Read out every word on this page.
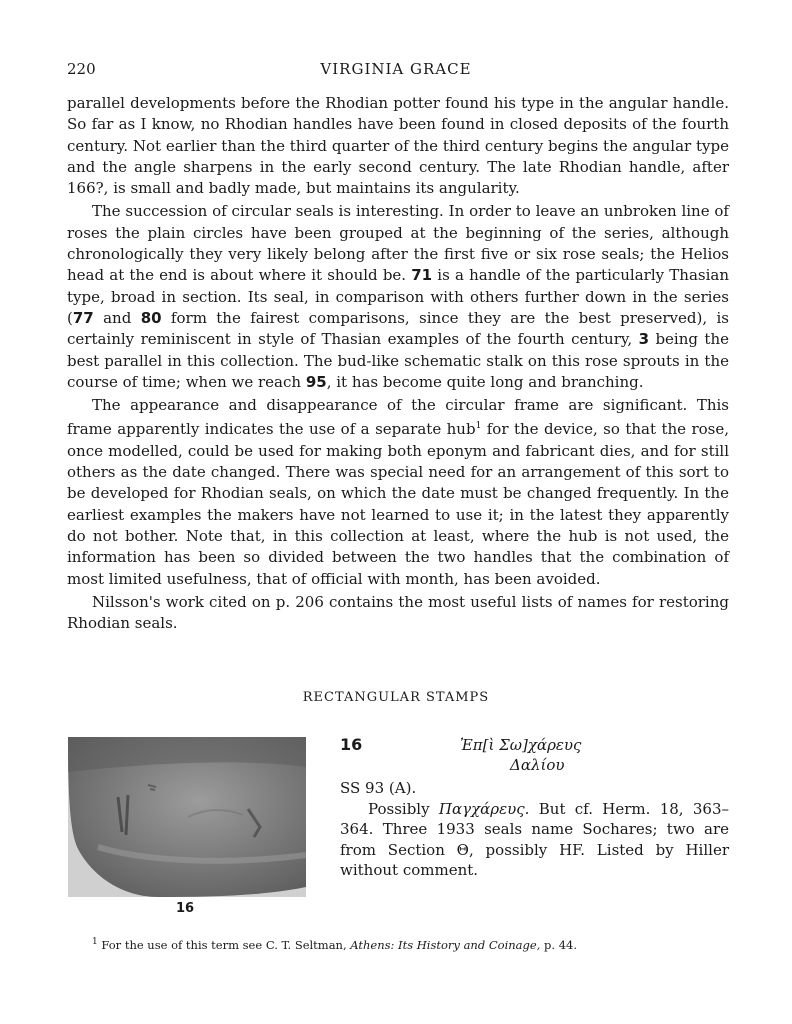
220	VIRGINIA GRACE

parallel developments before the Rhodian potter found his type in the angular handle. So far as I know, no Rhodian handles have been found in closed deposits of the fourth century. Not earlier than the third quarter of the third century begins the angular type and the angle sharpens in the early second century. The late Rhodian handle, after 166?, is small and badly made, but maintains its angularity.

The succession of circular seals is interesting. In order to leave an unbroken line of roses the plain circles have been grouped at the beginning of the series, although chronologically they very likely belong after the first five or six rose seals; the Helios head at the end is about where it should be. 71 is a handle of the particularly Thasian type, broad in section. Its seal, in comparison with others further down in the series (77 and 80 form the fairest comparisons, since they are the best preserved), is certainly reminiscent in style of Thasian examples of the fourth century, 3 being the best parallel in this collection. The bud-like schematic stalk on this rose sprouts in the course of time; when we reach 95, it has become quite long and branching.

The appearance and disappearance of the circular frame are significant. This frame apparently indicates the use of a separate hub$^1$ for the device, so that the rose, once modelled, could be used for making both eponym and fabricant dies, and for still others as the date changed. There was special need for an arrangement of this sort to be developed for Rhodian seals, on which the date must be changed frequently. In the earliest examples the makers have not learned to use it; in the latest they apparently do not bother. Note that, in this collection at least, where the hub is not used, the information has been so divided between the two handles that the combination of most limited usefulness, that of official with month, has been avoided.

Nilsson's work cited on p. 206 contains the most useful lists of names for restoring Rhodian seals.

RECTANGULAR STAMPS
16
16	Ἐπ[ὶ Σω]χάρευς
Δαλίου

SS 93 (A).

Possibly Παγχάρευς. But cf. Herm. 18, 363–364. Three 1933 seals name Sochares; two are from Section Θ, possibly HF. Listed by Hiller without comment.

$^1$ For the use of this term see C. T. Seltman, Athens: Its History and Coinage, p. 44.
